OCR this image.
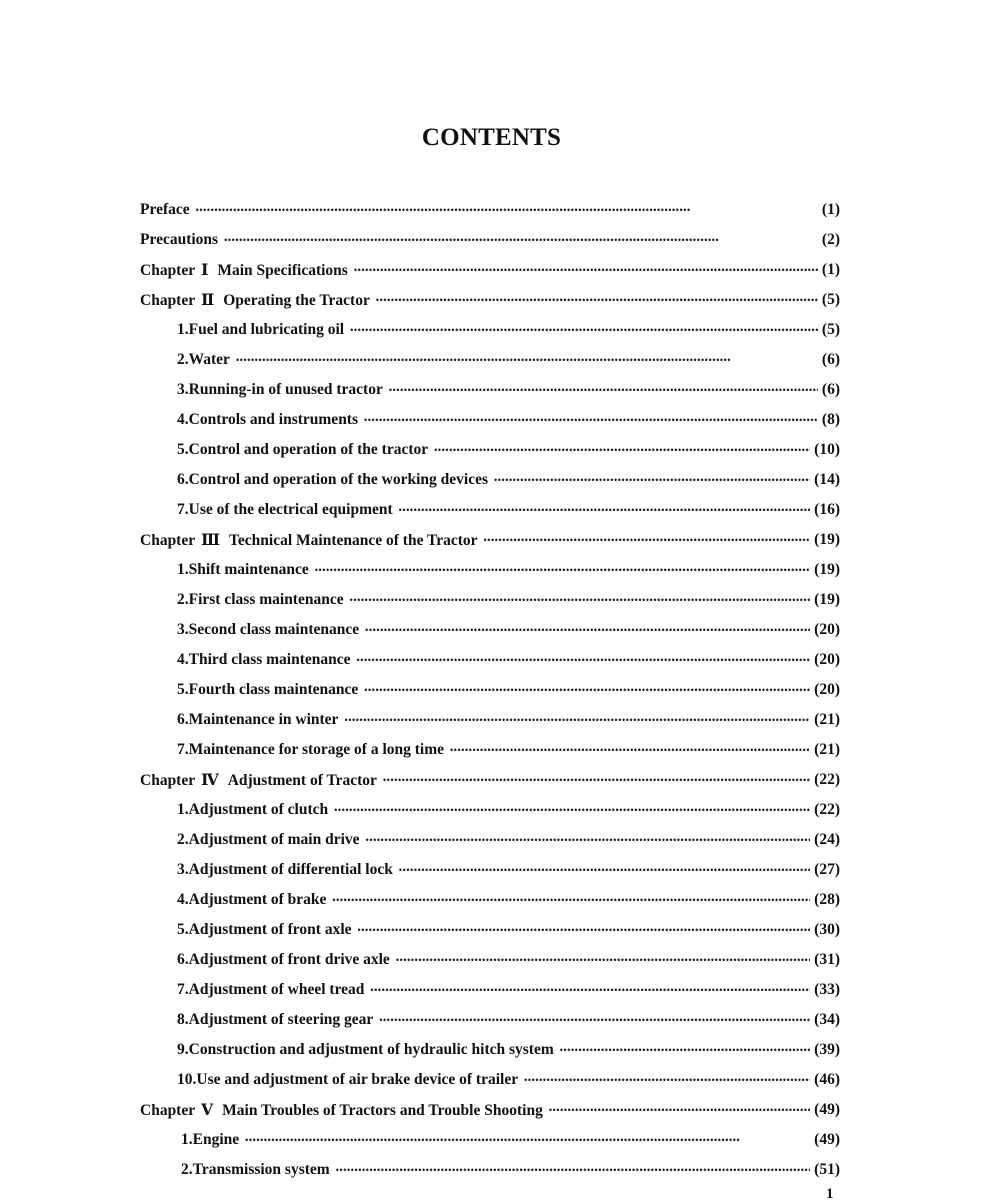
CONTENTS
Preface •••••	(1)
Precautions •••••	(2)
Chapter Ⅰ Main Specifications •••••	(1)
Chapter Ⅱ Operating the Tractor •••••	(5)
1.Fuel and lubricating oil •••••	(5)
2.Water •••••	(6)
3.Running-in of unused tractor •••••	(6)
4.Controls and instruments •••••	(8)
5.Control and operation of the tractor •••••	(10)
6.Control and operation of the working devices •••••	(14)
7.Use of the electrical equipment •••••	(16)
Chapter Ⅲ Technical Maintenance of the Tractor •••••	(19)
1.Shift maintenance •••••	(19)
2.First class maintenance •••••	(19)
3.Second class maintenance •••••	(20)
4.Third class maintenance •••••	(20)
5.Fourth class maintenance •••••	(20)
6.Maintenance in winter •••••	(21)
7.Maintenance for storage of a long time •••••	(21)
Chapter Ⅳ Adjustment of Tractor •••••	(22)
1.Adjustment of clutch •••••	(22)
2.Adjustment of main drive •••••	(24)
3.Adjustment of differential lock •••••	(27)
4.Adjustment of brake •••••	(28)
5.Adjustment of front axle •••••	(30)
6.Adjustment of front drive axle •••••	(31)
7.Adjustment of wheel tread •••••	(33)
8.Adjustment of steering gear •••••	(34)
9.Construction and adjustment of hydraulic hitch system •••••	(39)
10.Use and adjustment of air brake device of trailer •••••	(46)
Chapter Ⅴ Main Troubles of Tractors and Trouble Shooting •••••	(49)
1.Engine •••••	(49)
2.Transmission system •••••	(51)
1
